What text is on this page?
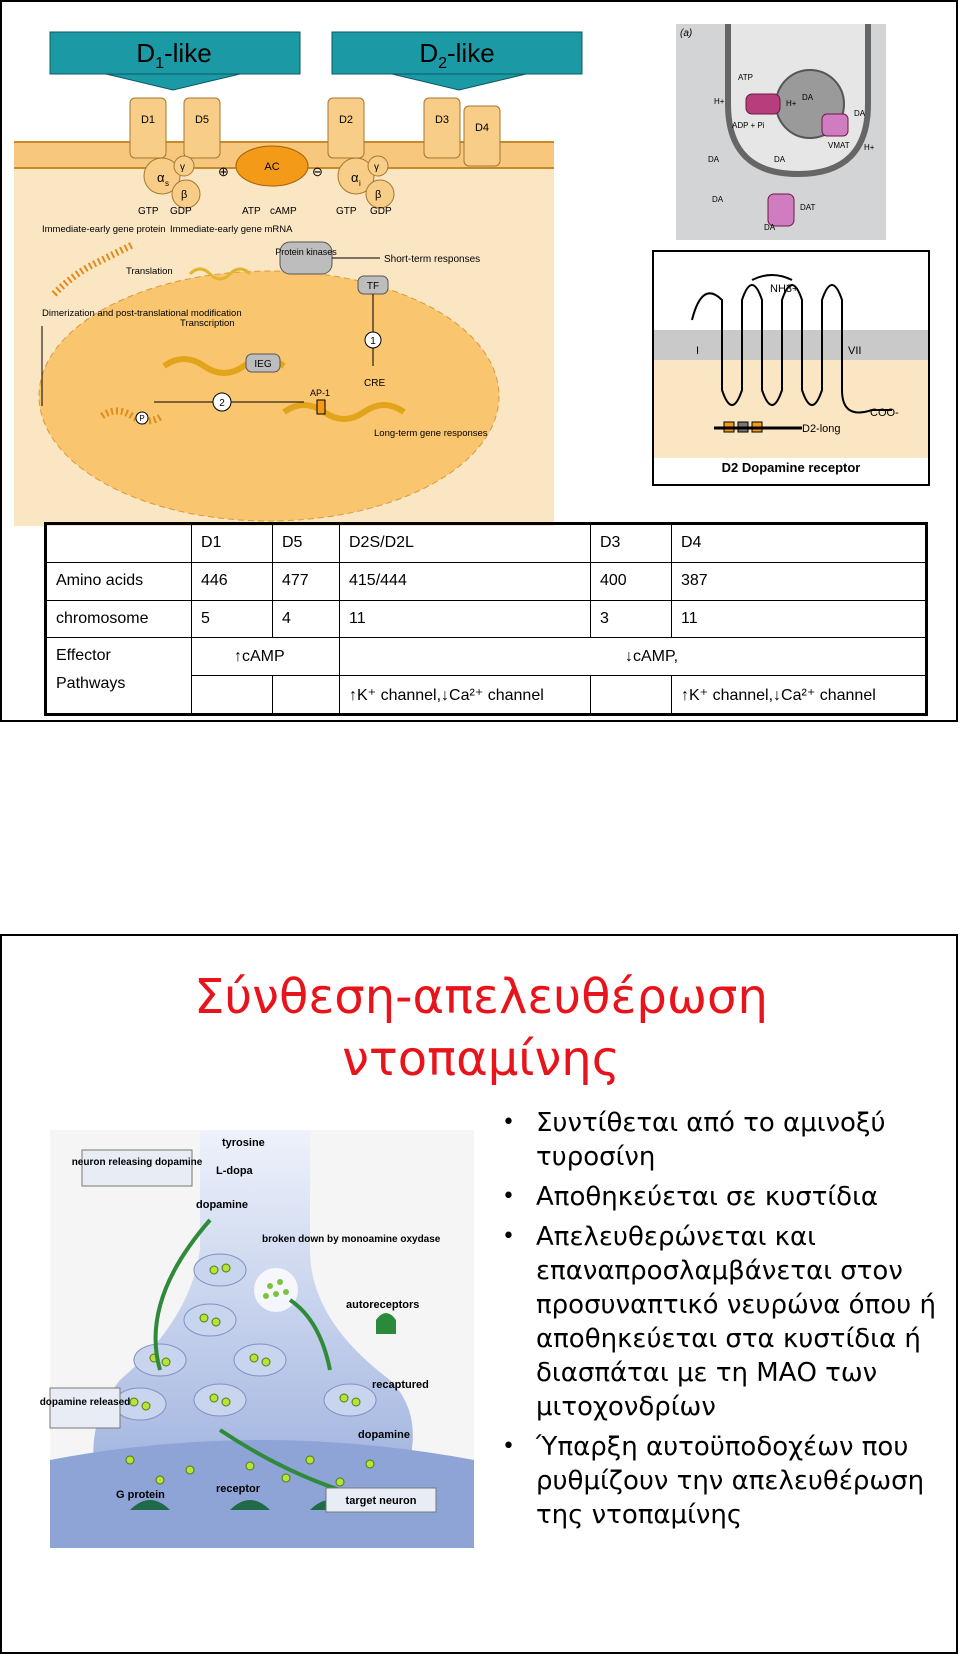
$D_1$-like	$D_2$-like
D1	D5	D2	D3
D4
α s
γ
β
α i
γ
β
AC
⊕	⊖
GTP GDP	ATP cAMP	GTP GDP
Protein kinases
Short-term responses
TF
1
Immediate-early gene protein Immediate-early gene mRNA
Translation
Dimerization and post-translational modification
Transcription
IEG
CRE
AP-1
Long-term gene responses
2
P
(a)
ATP
ADP + Pi
H+	H+
H+
DA
DA
VMAT
DA
DA
DA
DA
DAT
NH3+
I	VII
COO-
D2-long
D2 Dopamine receptor
	D1	D5	D2S/D2L	D3	D4
Amino acids	446	477	415/444	400	387
chromosome	5	4	11	3	11
Effector
Pathways	↑cAMP		↓cAMP,		
			↑K⁺ channel,↓Ca²⁺ channel		↑K⁺ channel,↓Ca²⁺ channel
Σύνθεση-απελευθέρωση
ντοπαμίνης
neuron releasing dopamine
tyrosine
L-dopa
dopamine
broken down by monoamine oxydase
autoreceptors
recaptured
dopamine released
dopamine
G protein	receptor
target neuron
• Συντίθεται από το αμινοξύ τυροσίνη
• Αποθηκεύεται σε κυστίδια
• Απελευθερώνεται και επαναπροσλαμβάνεται στον προσυναπτικό νευρώνα όπου ή αποθηκεύεται στα κυστίδια ή διασπάται με τη ΜΑΟ των μιτοχονδρίων
• Ύπαρξη αυτοϋποδοχέων που ρυθμίζουν την απελευθέρωση της ντοπαμίνης
